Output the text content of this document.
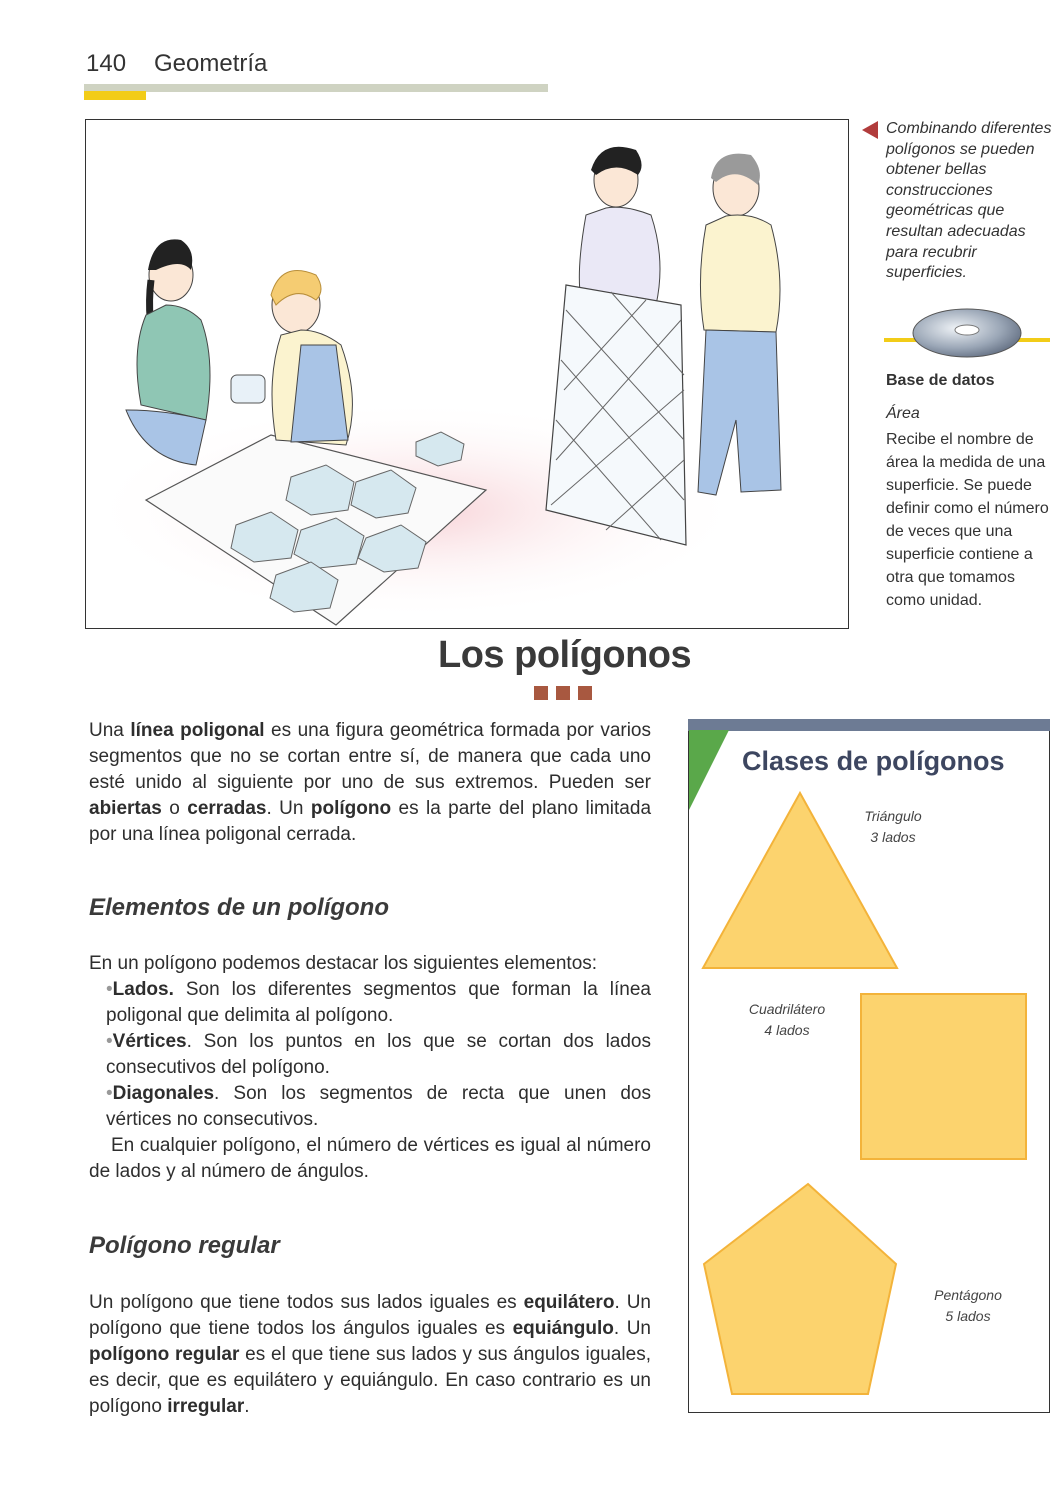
140 Geometría
Combinando diferentes polígonos se pueden obtener bellas construcciones geométricas que resultan adecuadas para recubrir superficies.
Base de datos
Área
Recibe el nombre de área la medida de una superficie. Se puede definir como el número de veces que una superficie contiene a otra que tomamos como unidad.
Los polígonos
Una línea poligonal es una figura geométrica formada por varios segmentos que no se cortan entre sí, de manera que cada uno esté unido al siguiente por uno de sus extremos. Pueden ser abiertas o cerradas. Un polígono es la parte del plano limitada por una línea poligonal cerrada.
Elementos de un polígono
En un polígono podemos destacar los siguientes elementos:
•Lados. Son los diferentes segmentos que forman la línea poligonal que delimita al polígono.
•Vértices. Son los puntos en los que se cortan dos lados consecutivos del polígono.
•Diagonales. Son los segmentos de recta que unen dos vértices no consecutivos.
En cualquier polígono, el número de vértices es igual al número de lados y al número de ángulos.
Polígono regular
Un polígono que tiene todos sus lados iguales es equilátero. Un polígono que tiene todos los ángulos iguales es equiángulo. Un polígono regular es el que tiene sus lados y sus ángulos iguales, es decir, que es equilátero y equiángulo. En caso contrario es un polígono irregular.
Clases de polígonos
Triángulo
3 lados
Cuadrilátero
4 lados
Pentágono
5 lados
